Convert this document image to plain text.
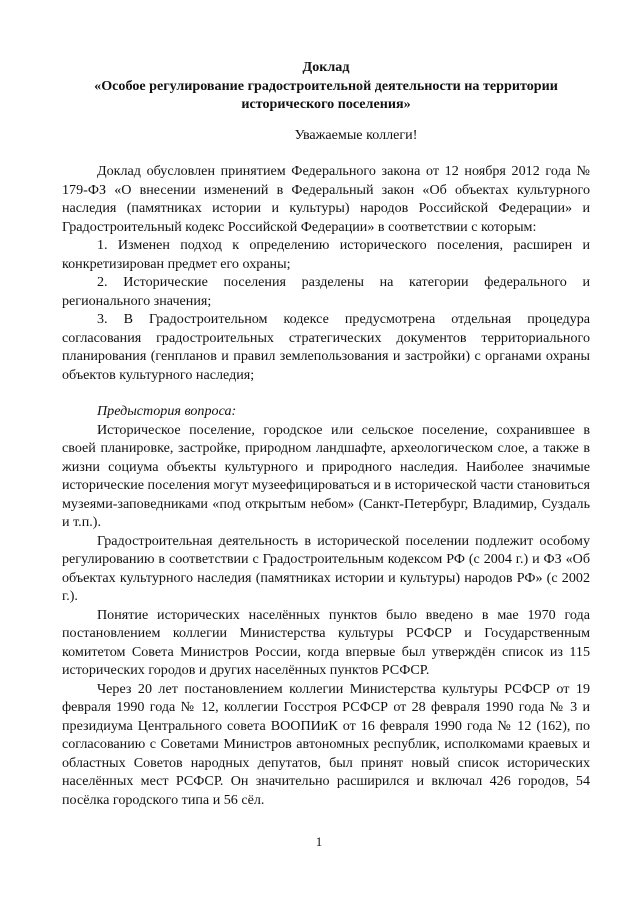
Доклад
«Особое регулирование градостроительной деятельности на территории исторического поселения»
Уважаемые коллеги!

Доклад обусловлен принятием Федерального закона от 12 ноября 2012 года № 179-ФЗ «О внесении изменений в Федеральный закон «Об объектах культурного наследия (памятниках истории и культуры) народов Российской Федерации» и Градостроительный кодекс Российской Федерации» в соответствии с которым:

1. Изменен подход к определению исторического поселения, расширен и конкретизирован предмет его охраны;

2. Исторические поселения разделены на категории федерального и регионального значения;

3. В Градостроительном кодексе предусмотрена отдельная процедура согласования градостроительных стратегических документов территориального планирования (генпланов и правил землепользования и застройки) с органами охраны объектов культурного наследия;

Предыстория вопроса:

Историческое поселение, городское или сельское поселение, сохранившее в своей планировке, застройке, природном ландшафте, археологическом слое, а также в жизни социума объекты культурного и природного наследия. Наиболее значимые исторические поселения могут музеефицироваться и в исторической части становиться музеями-заповедниками «под открытым небом» (Санкт-Петербург, Владимир, Суздаль и т.п.).

Градостроительная деятельность в исторической поселении подлежит особому регулированию в соответствии с Градостроительным кодексом РФ (с 2004 г.) и ФЗ «Об объектах культурного наследия (памятниках истории и культуры) народов РФ» (с 2002 г.).

Понятие исторических населённых пунктов было введено в мае 1970 года постановлением коллегии Министерства культуры РСФСР и Государственным комитетом Совета Министров России, когда впервые был утверждён список из 115 исторических городов и других населённых пунктов РСФСР.

Через 20 лет постановлением коллегии Министерства культуры РСФСР от 19 февраля 1990 года № 12, коллегии Госстроя РСФСР от 28 февраля 1990 года № 3 и президиума Центрального совета ВООПИиК от 16 февраля 1990 года № 12 (162), по согласованию с Советами Министров автономных республик, исполкомами краевых и областных Советов народных депутатов, был принят новый список исторических населённых мест РСФСР. Он значительно расширился и включал 426 городов, 54 посёлка городского типа и 56 сёл.

1
